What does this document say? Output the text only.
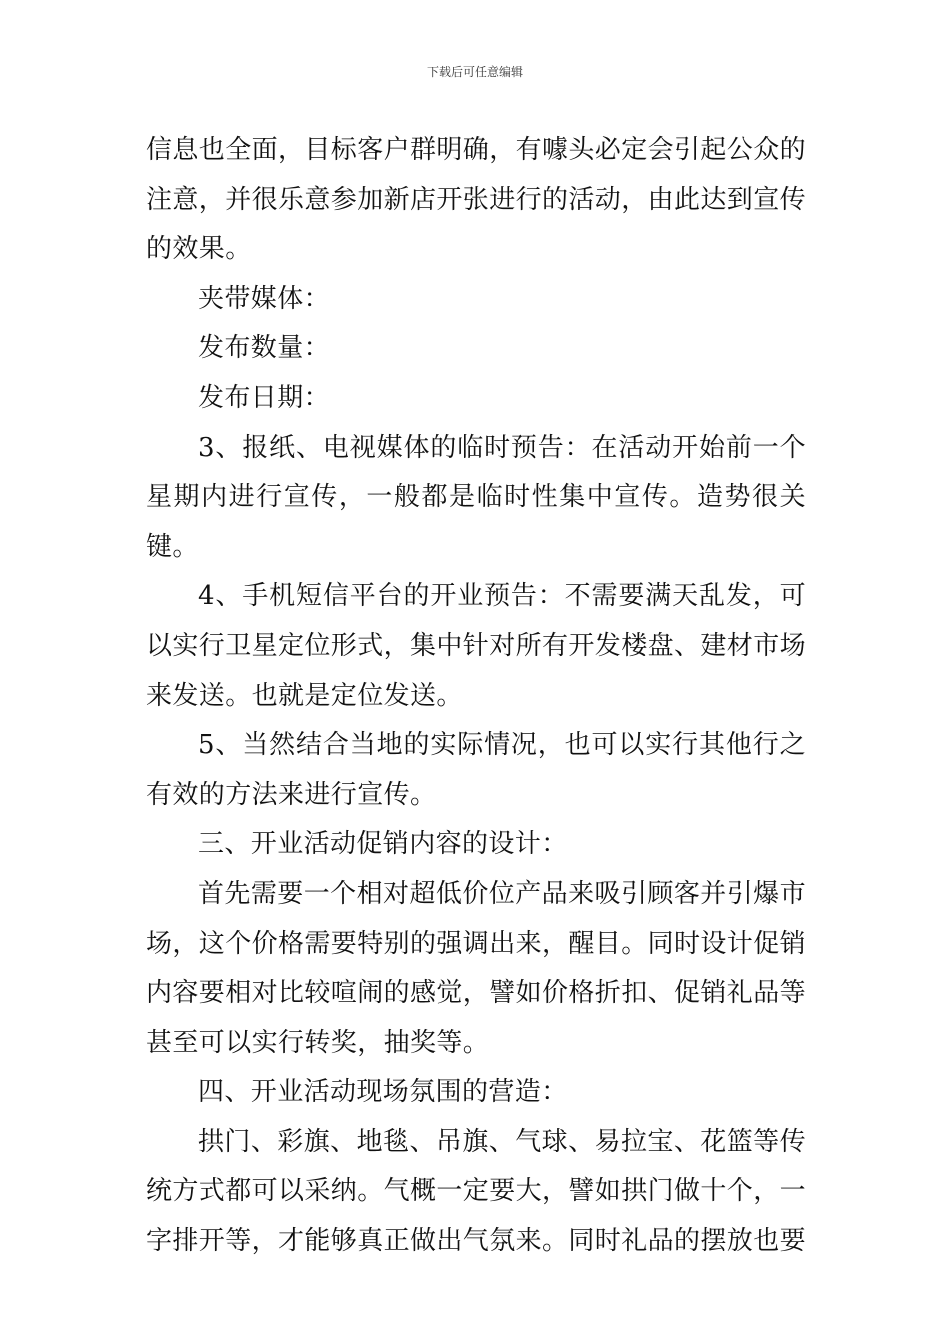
下载后可任意编辑

信息也全面，目标客户群明确，有噱头必定会引起公众的注意，并很乐意参加新店开张进行的活动，由此达到宣传的效果。

夹带媒体：

发布数量：

发布日期：

3、报纸、电视媒体的临时预告：在活动开始前一个星期内进行宣传，一般都是临时性集中宣传。造势很关键。

4、手机短信平台的开业预告：不需要满天乱发，可以实行卫星定位形式，集中针对所有开发楼盘、建材市场来发送。也就是定位发送。

5、当然结合当地的实际情况，也可以实行其他行之有效的方法来进行宣传。

三、开业活动促销内容的设计：

首先需要一个相对超低价位产品来吸引顾客并引爆市场，这个价格需要特别的强调出来，醒目。同时设计促销内容要相对比较喧闹的感觉，譬如价格折扣、促销礼品等甚至可以实行转奖，抽奖等。

四、开业活动现场氛围的营造：

拱门、彩旗、地毯、吊旗、气球、易拉宝、花篮等传统方式都可以采纳。气概一定要大，譬如拱门做十个，一字排开等，才能够真正做出气氛来。同时礼品的摆放也要
